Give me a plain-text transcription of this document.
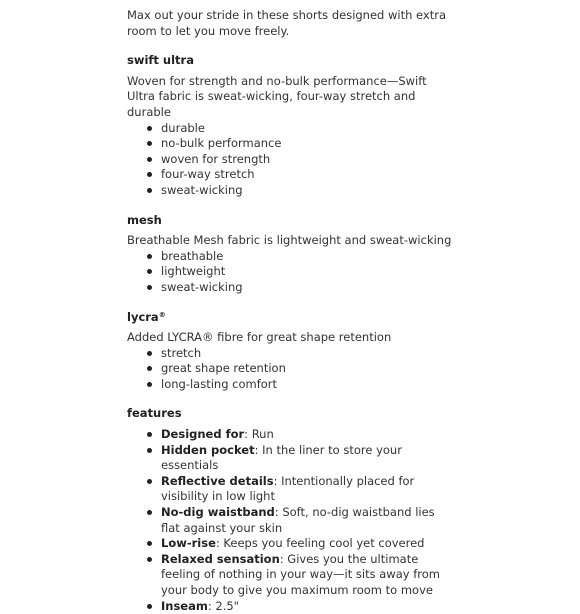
Max out your stride in these shorts designed with extra room to let you move freely.

swift ultra

Woven for strength and no-bulk performance—Swift Ultra fabric is sweat-wicking, four-way stretch and durable

durable
no-bulk performance
woven for strength
four-way stretch
sweat-wicking
mesh

Breathable Mesh fabric is lightweight and sweat-wicking

breathable
lightweight
sweat-wicking
lycra®

Added LYCRA® fibre for great shape retention

stretch
great shape retention
long-lasting comfort
features
Designed for: Run
Hidden pocket: In the liner to store your essentials
Reflective details: Intentionally placed for visibility in low light
No-dig waistband: Soft, no-dig waistband lies flat against your skin
Low-rise: Keeps you feeling cool yet covered
Relaxed sensation: Gives you the ultimate feeling of nothing in your way—it sits away from your body to give you maximum room to move
Inseam: 2.5"
